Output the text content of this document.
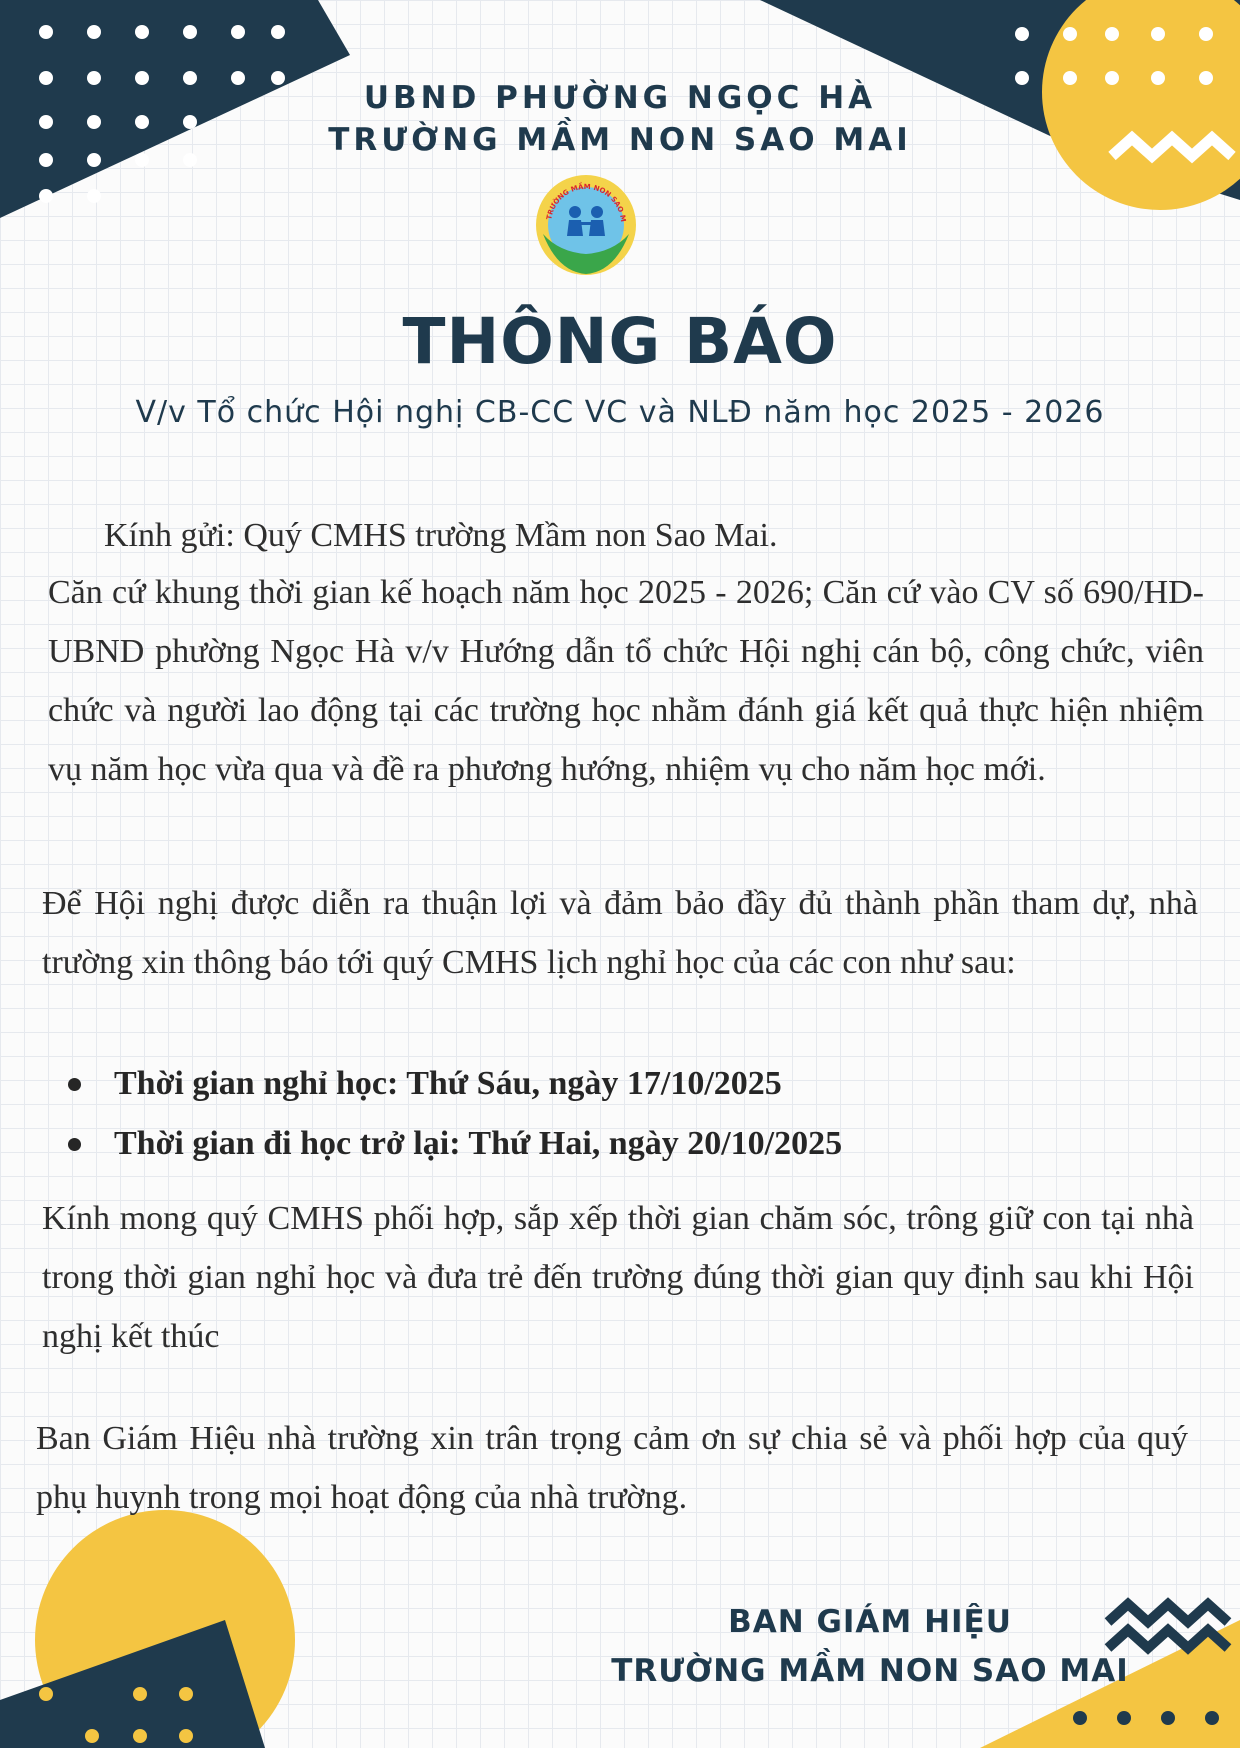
UBND PHƯỜNG NGỌC HÀ
TRƯỜNG MẦM NON SAO MAI
TRƯỜNG MẦM NON SAO M
THÔNG BÁO
V/v Tổ chức Hội nghị CB-CC VC và NLĐ năm học 2025 - 2026
Kính gửi: Quý CMHS trường Mầm non Sao Mai.
Căn cứ khung thời gian kế hoạch năm học 2025 - 2026; Căn cứ vào CV số 690/HD-UBND phường Ngọc Hà v/v Hướng dẫn tổ chức Hội nghị cán bộ, công chức, viên chức và người lao động tại các trường học nhằm đánh giá kết quả thực hiện nhiệm vụ năm học vừa qua và đề ra phương hướng, nhiệm vụ cho năm học mới.
Để Hội nghị được diễn ra thuận lợi và đảm bảo đầy đủ thành phần tham dự, nhà trường xin thông báo tới quý CMHS lịch nghỉ học của các con như sau:
Thời gian nghỉ học: Thứ Sáu, ngày 17/10/2025
Thời gian đi học trở lại: Thứ Hai, ngày 20/10/2025
Kính mong quý CMHS phối hợp, sắp xếp thời gian chăm sóc, trông giữ con tại nhà trong thời gian nghỉ học và đưa trẻ đến trường đúng thời gian quy định sau khi Hội nghị kết thúc
Ban Giám Hiệu nhà trường xin trân trọng cảm ơn sự chia sẻ và phối hợp của quý phụ huynh trong mọi hoạt động của nhà trường.
BAN GIÁM HIỆU
TRƯỜNG MẦM NON SAO MAI
